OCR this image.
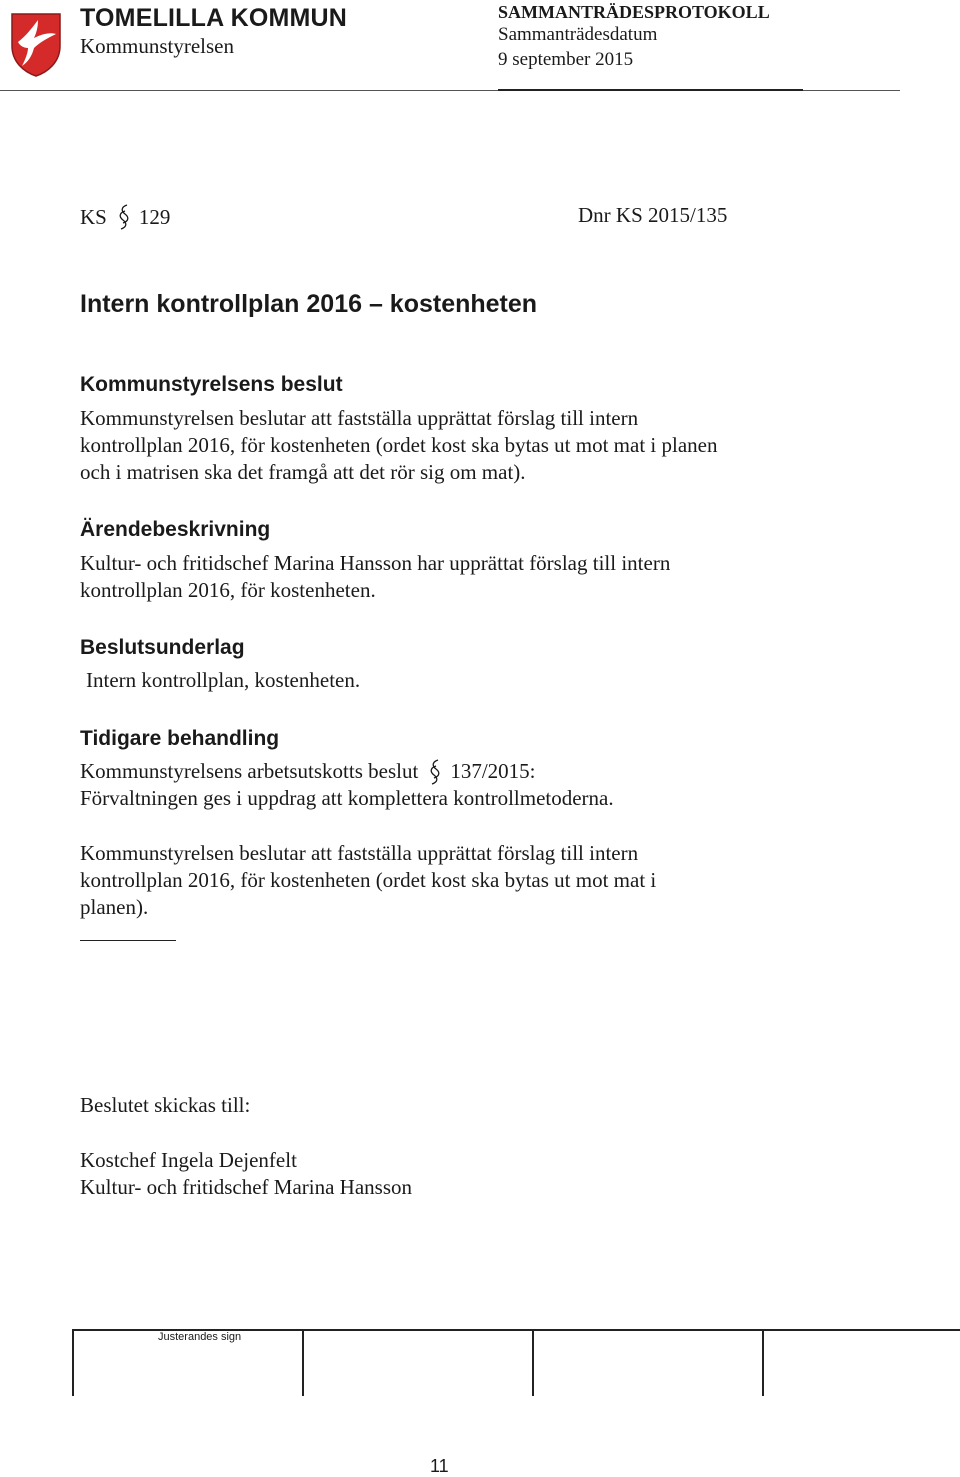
TOMELILLA KOMMUN
Kommunstyrelsen
SAMMANTRÄDESPROTOKOLL
Sammanträdesdatum
9 september 2015
KS 129	Dnr KS 2015/135
Intern kontrollplan 2016 – kostenheten
Kommunstyrelsens beslut
Kommunstyrelsen beslutar att fastställa upprättat förslag till intern
kontrollplan 2016, för kostenheten (ordet kost ska bytas ut mot mat i planen
och i matrisen ska det framgå att det rör sig om mat).
Ärendebeskrivning
Kultur- och fritidschef Marina Hansson har upprättat förslag till intern
kontrollplan 2016, för kostenheten.
Beslutsunderlag
Intern kontrollplan, kostenheten.
Tidigare behandling
Kommunstyrelsens arbetsutskotts beslut 137/2015:
Förvaltningen ges i uppdrag att komplettera kontrollmetoderna.
Kommunstyrelsen beslutar att fastställa upprättat förslag till intern
kontrollplan 2016, för kostenheten (ordet kost ska bytas ut mot mat i
planen).
Beslutet skickas till:
Kostchef Ingela Dejenfelt
Kultur- och fritidschef Marina Hansson
Justerandes sign
11
